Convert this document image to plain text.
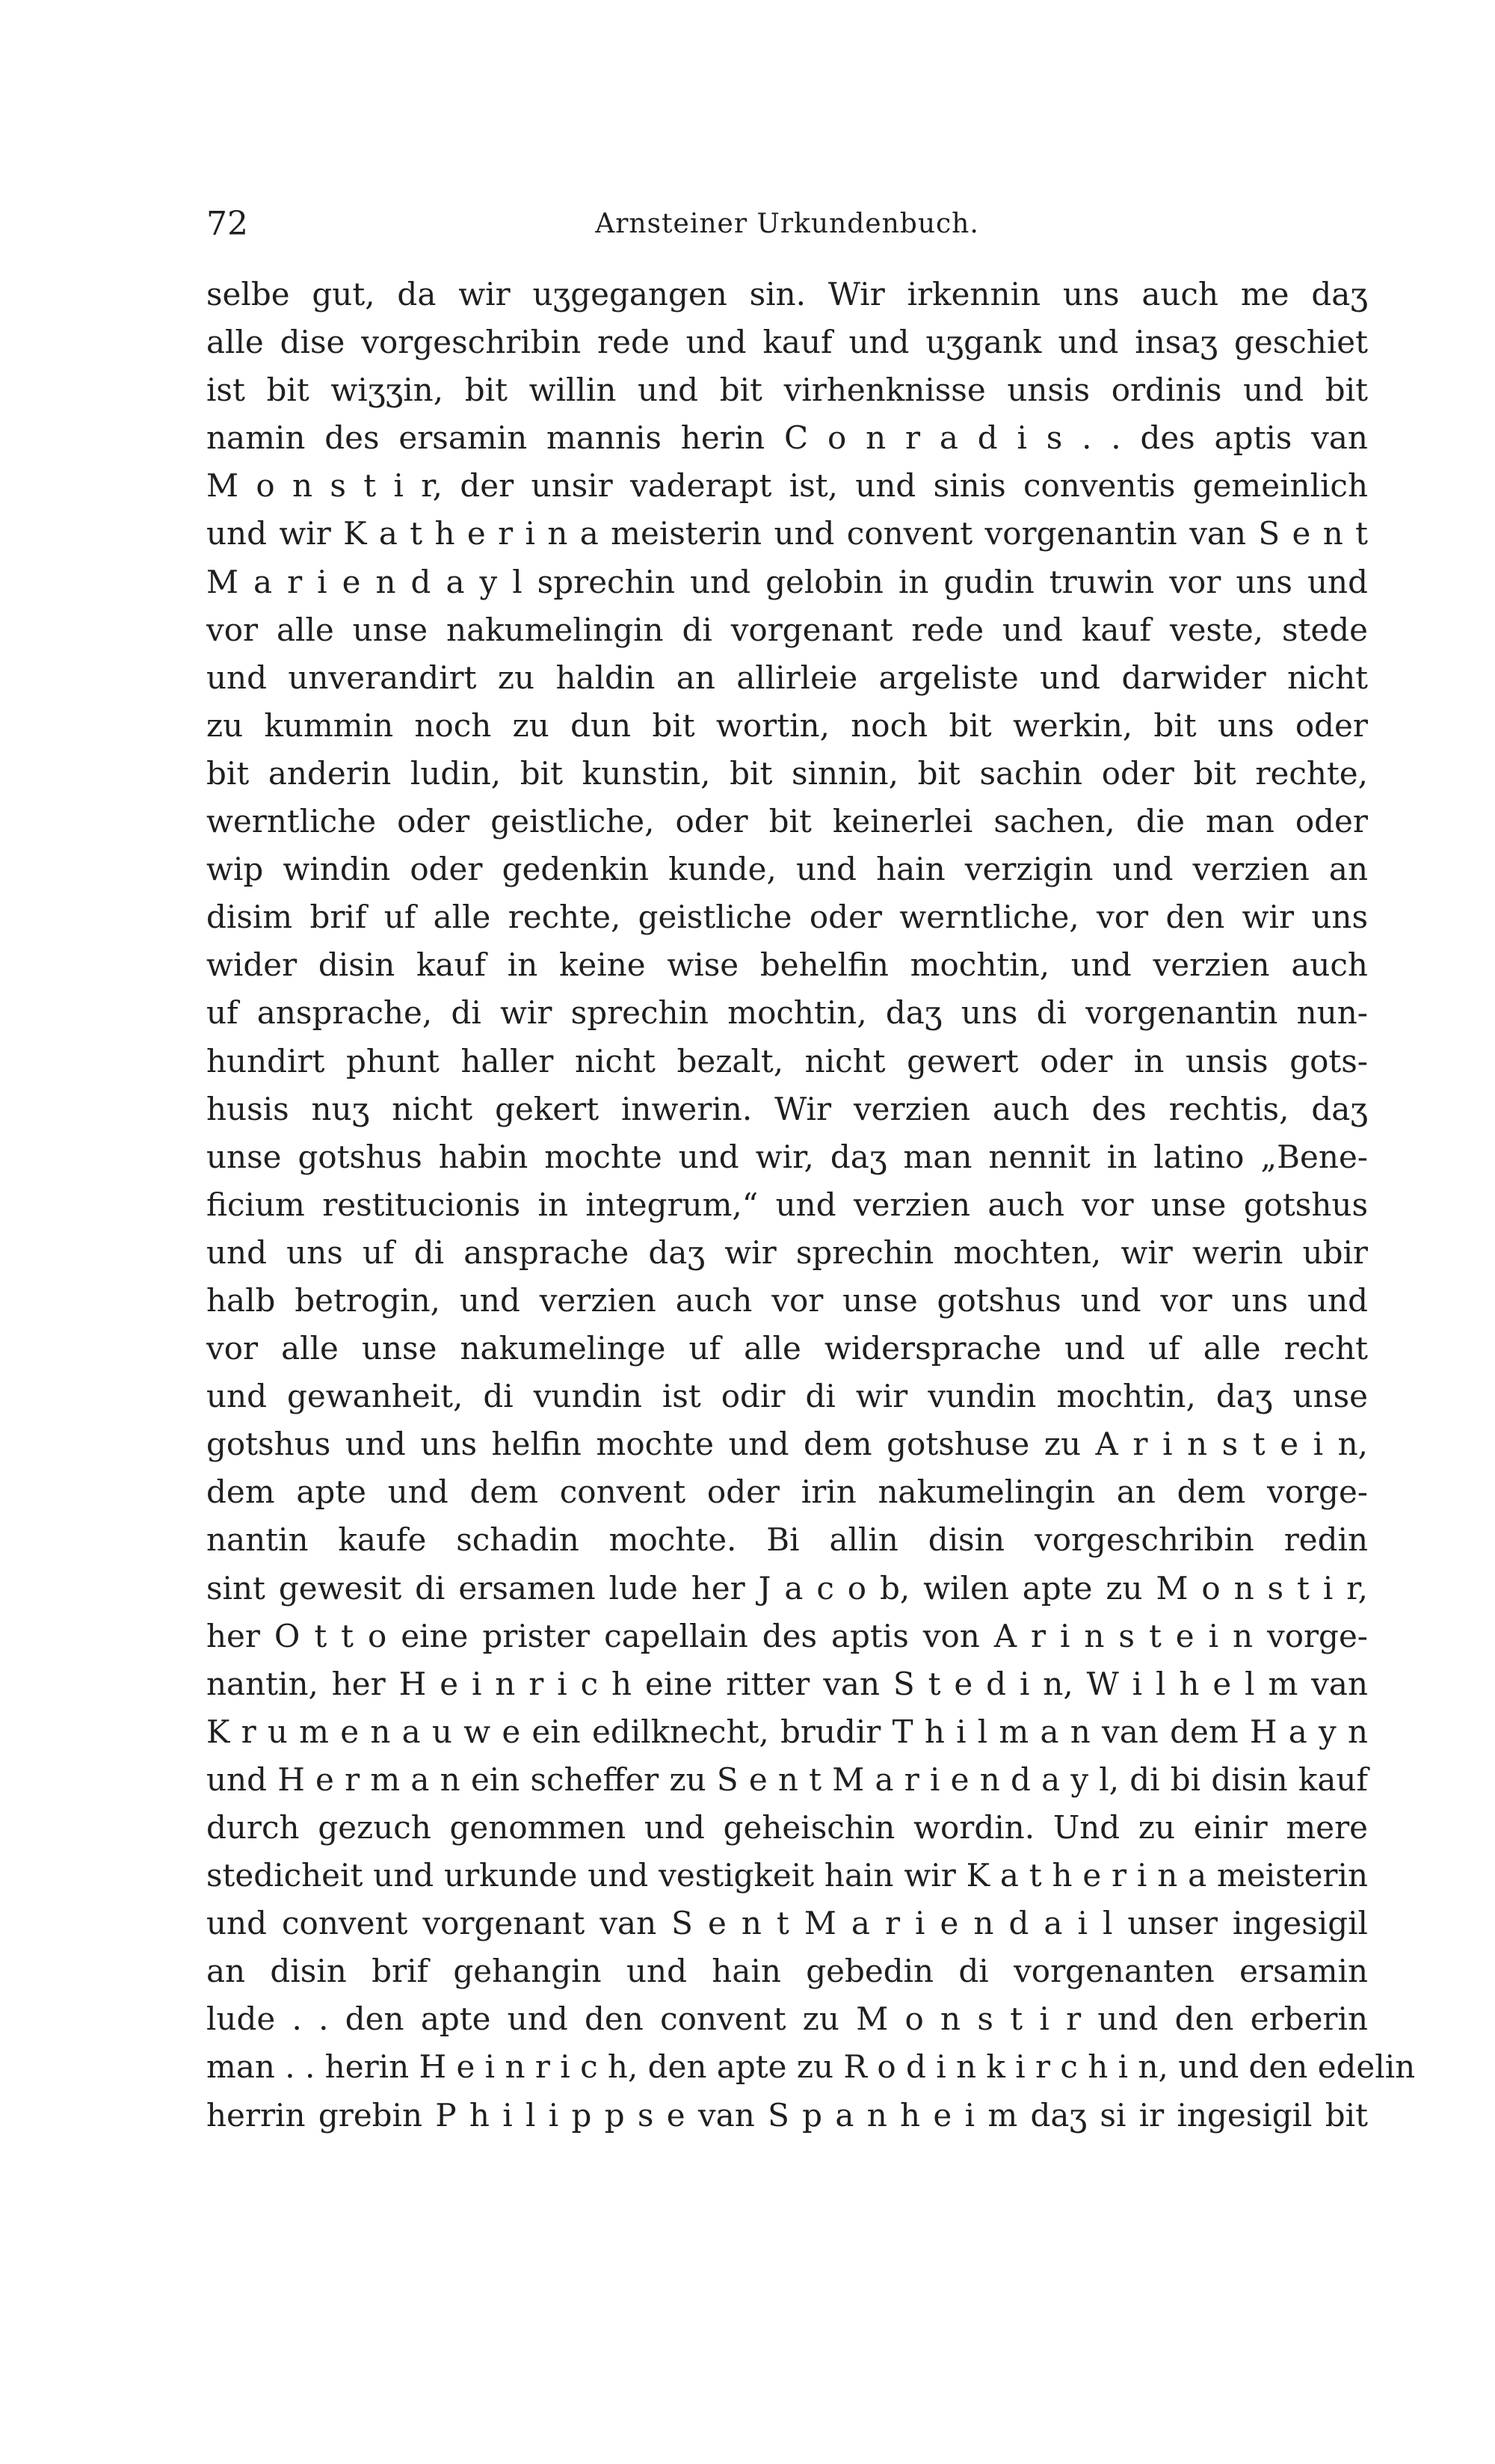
72	Arnsteiner Urkundenbuch.
selbe gut, da wir uʒgegangen sin. Wir irkennin uns auch me daʒ
alle dise vorgeschribin rede und kauf und uʒgank und insaʒ geschiet
ist bit wiʒʒin, bit willin und bit virhenknisse unsis ordinis und bit
namin des ersamin mannis herin C o n r a d i s . . des aptis van
M o n s t i r, der unsir vaderapt ist, und sinis conventis gemeinlich
und wir K a t h e r i n a meisterin und convent vorgenantin van S e n t
M a r i e n d a y l sprechin und gelobin in gudin truwin vor uns und
vor alle unse nakumelingin di vorgenant rede und kauf veste, stede
und unverandirt zu haldin an allirleie argeliste und darwider nicht
zu kummin noch zu dun bit wortin, noch bit werkin, bit uns oder
bit anderin ludin, bit kunstin, bit sinnin, bit sachin oder bit rechte,
werntliche oder geistliche, oder bit keinerlei sachen, die man oder
wip windin oder gedenkin kunde, und hain verzigin und verzien an
disim brif uf alle rechte, geistliche oder werntliche, vor den wir uns
wider disin kauf in keine wise behelfin mochtin, und verzien auch
uf ansprache, di wir sprechin mochtin, daʒ uns di vorgenantin nun-
hundirt phunt haller nicht bezalt, nicht gewert oder in unsis gots-
husis nuʒ nicht gekert inwerin. Wir verzien auch des rechtis, daʒ
unse gotshus habin mochte und wir, daʒ man nennit in latino „Bene-
ficium restitucionis in integrum,“ und verzien auch vor unse gotshus
und uns uf di ansprache daʒ wir sprechin mochten, wir werin ubir
halb betrogin, und verzien auch vor unse gotshus und vor uns und
vor alle unse nakumelinge uf alle widersprache und uf alle recht
und gewanheit, di vundin ist odir di wir vundin mochtin, daʒ unse
gotshus und uns helfin mochte und dem gotshuse zu A r i n s t e i n,
dem apte und dem convent oder irin nakumelingin an dem vorge-
nantin kaufe schadin mochte. Bi allin disin vorgeschribin redin
sint gewesit di ersamen lude her J a c o b, wilen apte zu M o n s t i r,
her O t t o eine prister capellain des aptis von A r i n s t e i n vorge-
nantin, her H e i n r i c h eine ritter van S t e d i n, W i l h e l m van
K r u m e n a u w e ein edilknecht, brudir T h i l m a n van dem H a y n
und H e r m a n ein scheffer zu S e n t M a r i e n d a y l, di bi disin kauf
durch gezuch genommen und geheischin wordin. Und zu einir mere
stedicheit und urkunde und vestigkeit hain wir K a t h e r i n a meisterin
und convent vorgenant van S e n t M a r i e n d a i l unser ingesigil
an disin brif gehangin und hain gebedin di vorgenanten ersamin
lude . . den apte und den convent zu M o n s t i r und den erberin
man . . herin H e i n r i c h, den apte zu R o d i n k i r c h i n, und den edelin
herrin grebin P h i l i p p s e van S p a n h e i m daʒ si ir ingesigil bit
